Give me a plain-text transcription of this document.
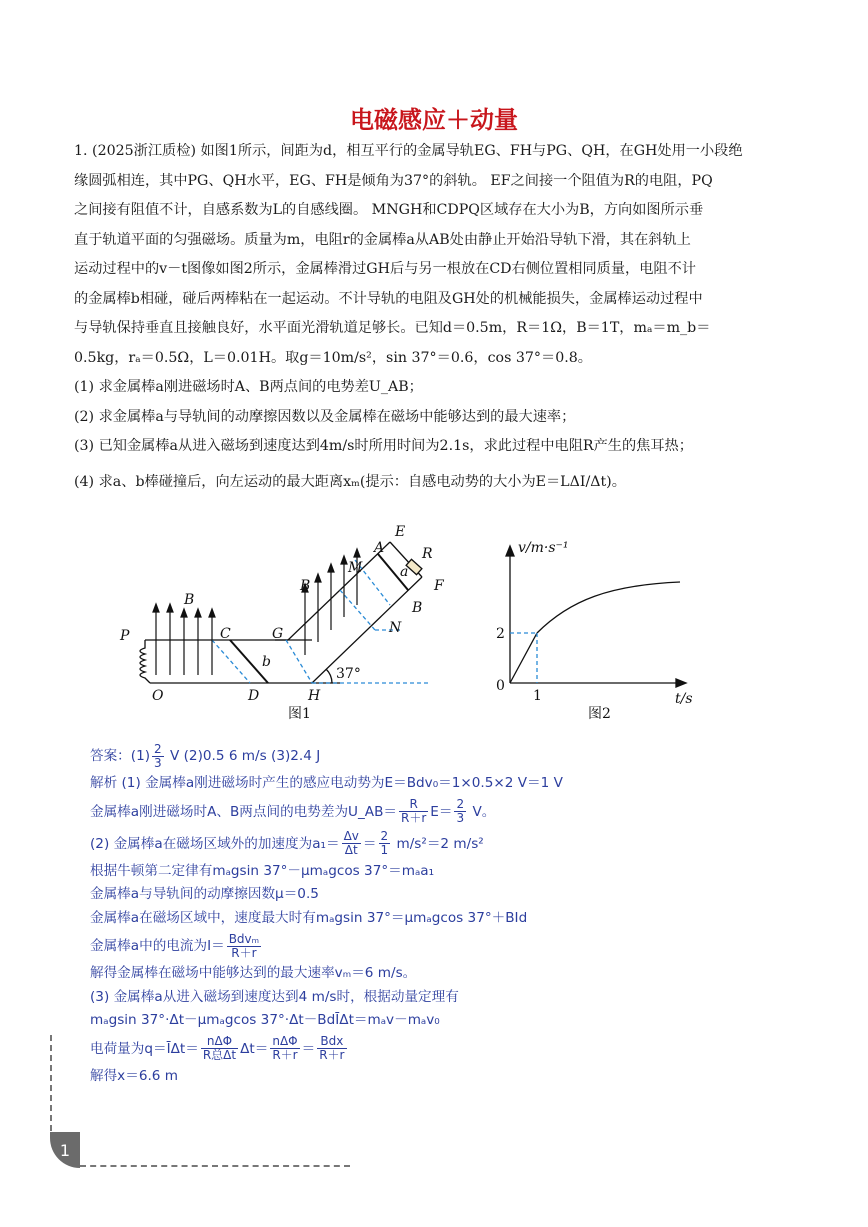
电磁感应＋动量

1. (2025浙江质检) 如图1所示，间距为d，相互平行的金属导轨EG、FH与PG、QH，在GH处用一小段绝

缘圆弧相连，其中PG、QH水平，EG、FH是倾角为37°的斜轨。 EF之间接一个阻值为R的电阻，PQ

之间接有阻值不计，自感系数为L的自感线圈。 MNGH和CDPQ区域存在大小为B，方向如图所示垂

直于轨道平面的匀强磁场。质量为m，电阻r的金属棒a从AB处由静止开始沿导轨下滑，其在斜轨上

运动过程中的v－t图像如图2所示，金属棒滑过GH后与另一根放在CD右侧位置相同质量，电阻不计

的金属棒b相碰，碰后两棒粘在一起运动。不计导轨的电阻及GH处的机械能损失，金属棒运动过程中

与导轨保持垂直且接触良好，水平面光滑轨道足够长。已知d＝0.5m，R＝1Ω，B＝1T，mₐ＝m_b＝

0.5kg，rₐ＝0.5Ω，L＝0.01H。取g＝10m/s²，sin 37°＝0.6，cos 37°＝0.8。

(1) 求金属棒a刚进磁场时A、B两点间的电势差U_AB；

(2) 求金属棒a与导轨间的动摩擦因数以及金属棒在磁场中能够达到的最大速率；

(3) 已知金属棒a从进入磁场到速度达到4m/s时所用时间为2.1s，求此过程中电阻R产生的焦耳热；

(4) 求a、b棒碰撞后，向左运动的最大距离xₘ(提示：自感电动势的大小为E＝LΔI/Δt)。

E
R
A
a
M
F
B
B
B
N
P	C	G
b
O	D	H
37°
图1
v/m·s⁻¹
t/s
0
2
1
图2
答案：$(1) \frac{2}{3}$ V (2)0.5 6 m/s (3)2.4 J
解析 (1) 金属棒a刚进磁场时产生的感应电动势为E＝Bdv₀＝1×0.5×2 V＝1 V
金属棒a刚进磁场时A、B两点间的电势差为U_AB＝ $\frac{R}{R+r} E= \frac{2}{3}$ V。
(2) 金属棒a在磁场区域外的加速度为$a_1= \frac{\Delta v}{\Delta t} = \frac{2}{1} m/s^2=2$ m/s²
根据牛顿第二定律有mₐgsin 37°－μmₐgcos 37°＝mₐa₁
金属棒a与导轨间的动摩擦因数μ＝0.5
金属棒a在磁场区域中，速度最大时有mₐgsin 37°＝μmₐgcos 37°＋BId
金属棒a中的电流为$I= \frac{\text{Bdvₘ}}{R+r}$
解得金属棒在磁场中能够达到的最大速率vₘ＝6 m/s。
(3) 金属棒a从进入磁场到速度达到4 m/s时，根据动量定理有
mₐgsin 37°·Δt－μmₐgcos 37°·Δt－BdĪΔt＝mₐv－mₐv₀
电荷量为q＝ĪΔt＝ $\frac{\text{nΔΦ}}{\text{R总Δt}} \Delta t= \frac{\text{nΔΦ}}{R+r} = \frac{\text{Bdx}}{R+r}$
解得x＝6.6 m
1
